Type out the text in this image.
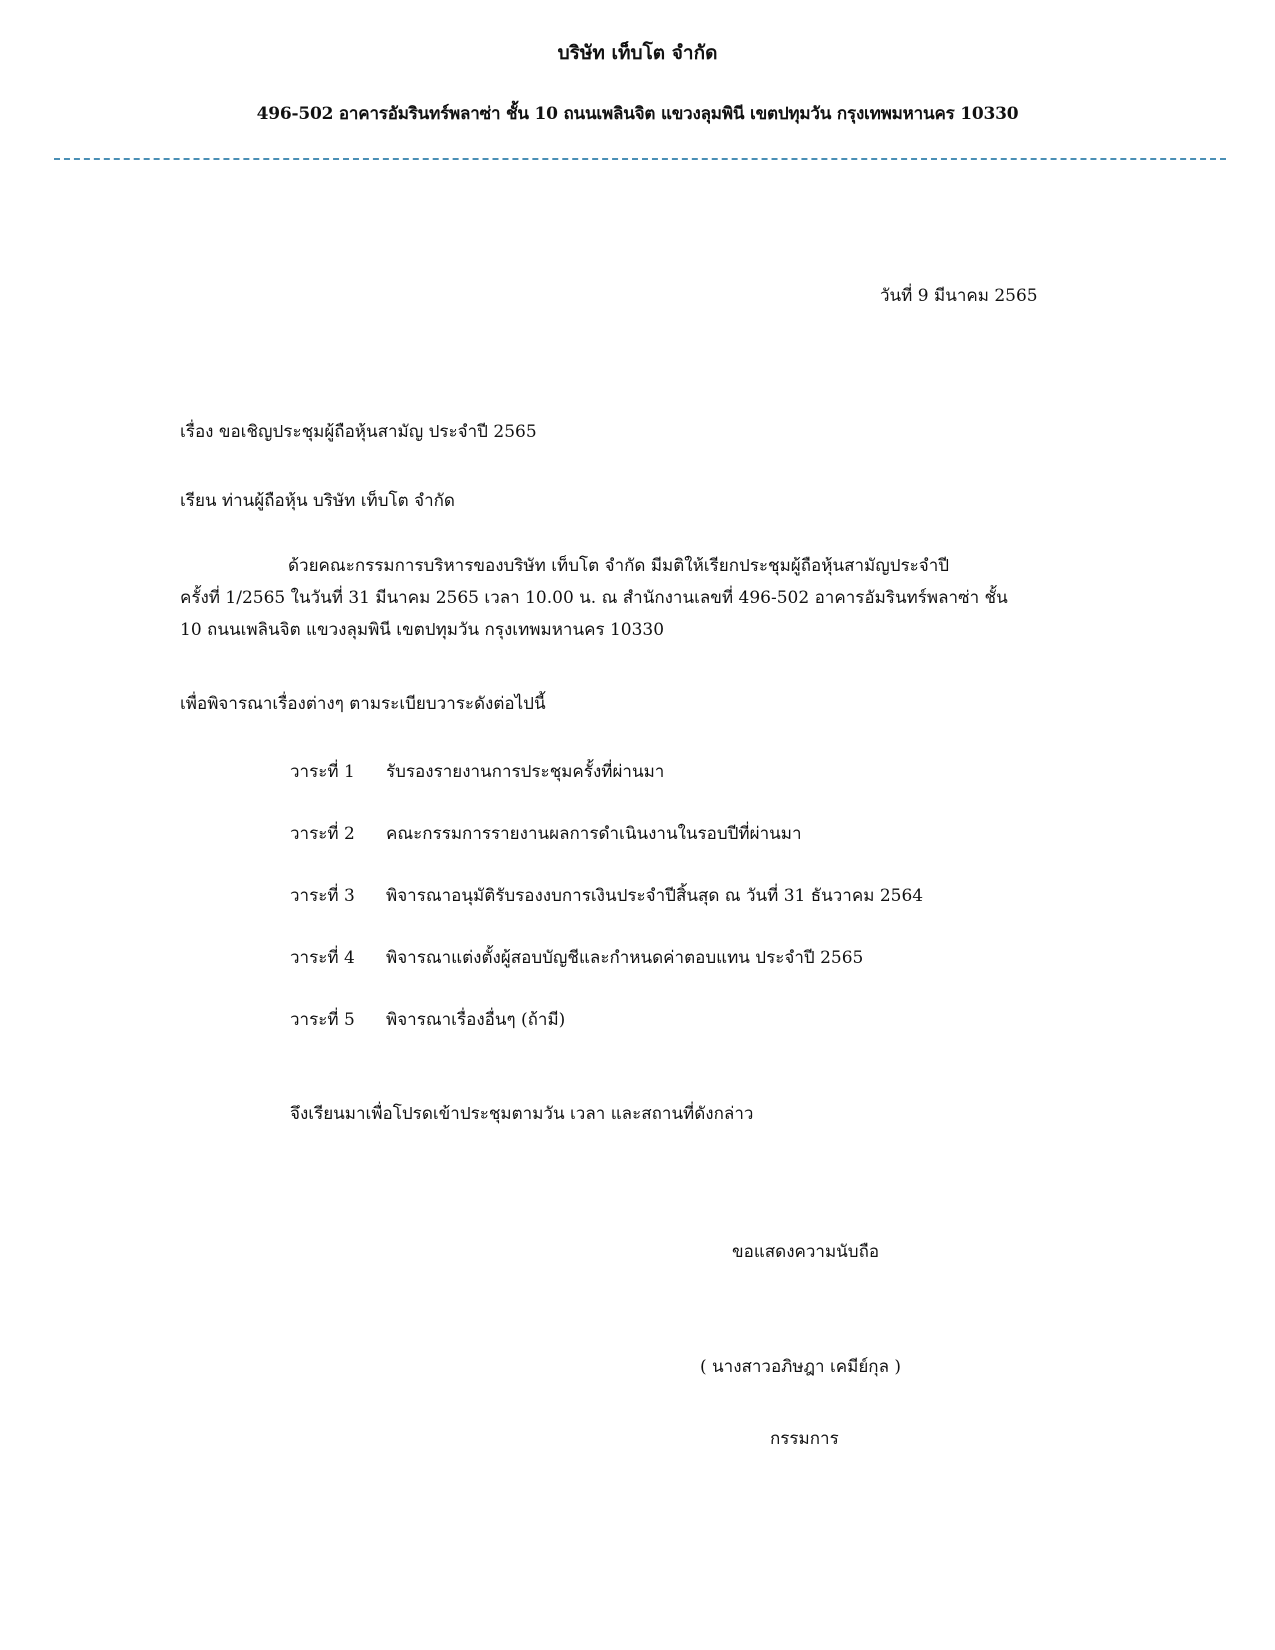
บริษัท เท็บโต จำกัด
496-502 อาคารอัมรินทร์พลาซ่า ชั้น 10 ถนนเพลินจิต แขวงลุมพินี เขตปทุมวัน กรุงเทพมหานคร 10330
วันที่ 9 มีนาคม 2565
เรื่อง ขอเชิญประชุมผู้ถือหุ้นสามัญ ประจำปี 2565
เรียน ท่านผู้ถือหุ้น บริษัท เท็บโต จำกัด
ด้วยคณะกรรมการบริหารของบริษัท เท็บโต จำกัด มีมติให้เรียกประชุมผู้ถือหุ้นสามัญประจำปี
ครั้งที่ 1/2565 ในวันที่ 31 มีนาคม 2565 เวลา 10.00 น. ณ สำนักงานเลขที่ 496-502 อาคารอัมรินทร์พลาซ่า ชั้น
10 ถนนเพลินจิต แขวงลุมพินี เขตปทุมวัน กรุงเทพมหานคร 10330
เพื่อพิจารณาเรื่องต่างๆ ตามระเบียบวาระดังต่อไปนี้
วาระที่ 1 รับรองรายงานการประชุมครั้งที่ผ่านมา
วาระที่ 2 คณะกรรมการรายงานผลการดำเนินงานในรอบปีที่ผ่านมา
วาระที่ 3 พิจารณาอนุมัติรับรองงบการเงินประจำปีสิ้นสุด ณ วันที่ 31 ธันวาคม 2564
วาระที่ 4 พิจารณาแต่งตั้งผู้สอบบัญชีและกำหนดค่าตอบแทน ประจำปี 2565
วาระที่ 5 พิจารณาเรื่องอื่นๆ (ถ้ามี)
จึงเรียนมาเพื่อโปรดเข้าประชุมตามวัน เวลา และสถานที่ดังกล่าว
ขอแสดงความนับถือ
( นางสาวอภิษฎา เคมีย์กุล )
กรรมการ
